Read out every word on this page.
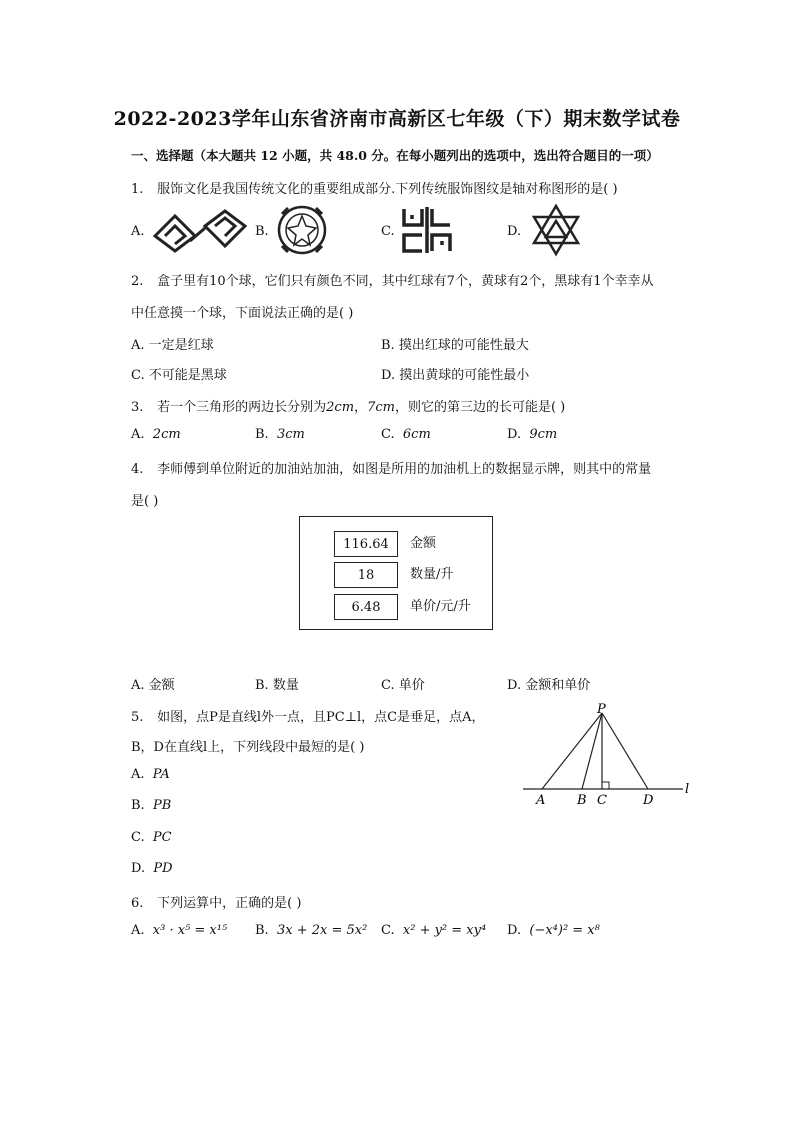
2022-2023学年山东省济南市高新区七年级（下）期末数学试卷
一、选择题（本大题共 12 小题，共 48.0 分。在每小题列出的选项中，选出符合题目的一项）
1. 服饰文化是我国传统文化的重要组成部分.下列传统服饰图纹是轴对称图形的是( )
A.	B.	C.	D.
2. 盒子里有10个球，它们只有颜色不同，其中红球有7个，黄球有2个，黑球有1个幸幸从
中任意摸一个球，下面说法正确的是( )
A. 一定是红球	B. 摸出红球的可能性最大
C. 不可能是黑球	D. 摸出黄球的可能性最小
3. 若一个三角形的两边长分别为2cm，7cm，则它的第三边的长可能是( )
A. 2cm	B. 3cm	C. 6cm	D. 9cm
4. 李师傅到单位附近的加油站加油，如图是所用的加油机上的数据显示牌，则其中的常量
是( )
116.64	金额
18	数量/升
6.48	单价/元/升
A. 金额	B. 数量	C. 单价	D. 金额和单价
5. 如图，点P是直线l外一点，且PC⊥l，点C是垂足，点A，
B，D在直线l上，下列线段中最短的是( )
A. PA
B. PB
C. PC
D. PD
P
A B C	D
l
6. 下列运算中，正确的是( )
A. x³ · x⁵ = x¹⁵ B. 3x + 2x = 5x² C. x² + y² = xy⁴ D. (−x⁴)² = x⁸
